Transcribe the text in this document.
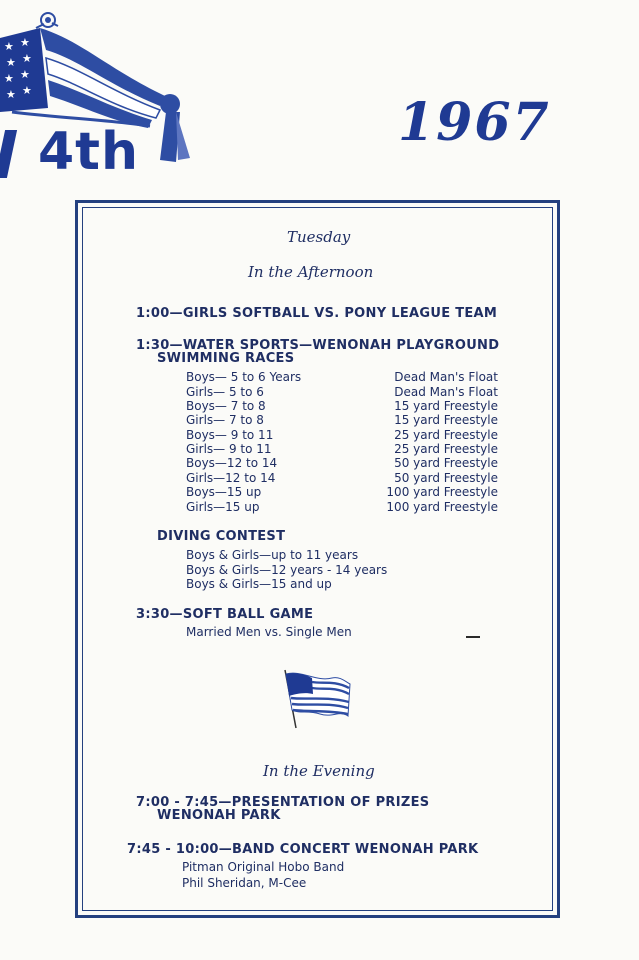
★ ★
★ ★
★ ★
★ ★
4th	1967
Tuesday
In the Afternoon
1:00—GIRLS SOFTBALL VS. PONY LEAGUE TEAM
1:30—WATER SPORTS—WENONAH PLAYGROUND
SWIMMING RACES
Boys— 5 to 6 Years	Dead Man's Float
Girls— 5 to 6	Dead Man's Float
Boys— 7 to 8	15 yard Freestyle
Girls— 7 to 8	15 yard Freestyle
Boys— 9 to 11	25 yard Freestyle
Girls— 9 to 11	25 yard Freestyle
Boys—12 to 14	50 yard Freestyle
Girls—12 to 14	50 yard Freestyle
Boys—15 up	100 yard Freestyle
Girls—15 up	100 yard Freestyle
DIVING CONTEST
Boys & Girls—up to 11 years
Boys & Girls—12 years - 14 years
Boys & Girls—15 and up
3:30—SOFT BALL GAME
Married Men vs. Single Men
In the Evening
7:00 - 7:45—PRESENTATION OF PRIZES
WENONAH PARK
7:45 - 10:00—BAND CONCERT WENONAH PARK
Pitman Original Hobo Band
Phil Sheridan, M-Cee
